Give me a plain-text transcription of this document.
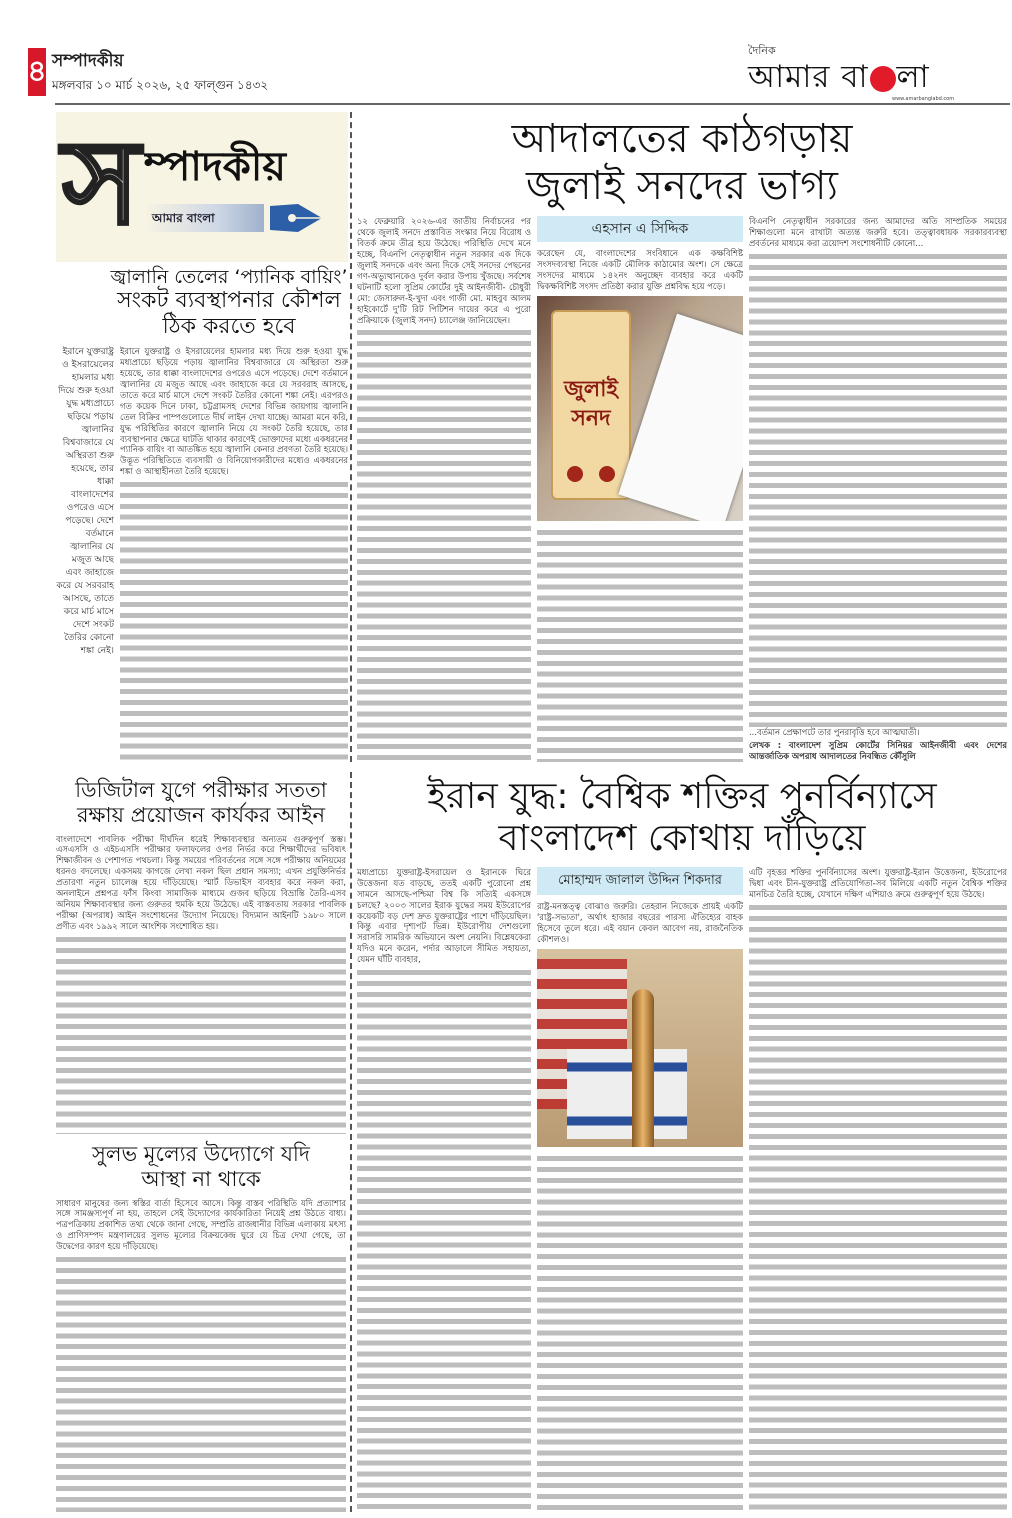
৪ সম্পাদকীয়
মঙ্গলবার ১০ মার্চ ২০২৬, ২৫ ফাল্গুন ১৪৩২
দৈনিক
আমার বা লা
www.amarbanglabd.com
স ম্পাদকীয়
আমার বাংলা
জ্বালানি তেলের ‘প্যানিক বায়িং’
সংকট ব্যবস্থাপনার কৌশল ঠিক করতে হবে
ইরানে যুক্তরাষ্ট্র ও ইসরায়েলের হামলার মধ্য দিয়ে শুরু হওয়া যুদ্ধ মধ্যপ্রাচ্যে ছড়িয়ে পড়ায় জ্বালানির বিশ্ববাজারে যে অস্থিরতা শুরু হয়েছে, তার ধাক্কা বাংলাদেশের ওপরেও এসে পড়েছে। দেশে বর্তমানে জ্বালানির যে মজুত আছে এবং জাহাজে করে যে সরবরাহ আসছে, তাতে করে মার্চ মাসে দেশে সংকট তৈরির কোনো শঙ্কা নেই।

ইরানে যুক্তরাষ্ট্র ও ইসরায়েলের হামলার মধ্য দিয়ে শুরু হওয়া যুদ্ধ মধ্যপ্রাচ্যে ছড়িয়ে পড়ায় জ্বালানির বিশ্ববাজারে যে অস্থিরতা শুরু হয়েছে, তার ধাক্কা বাংলাদেশের ওপরেও এসে পড়েছে। দেশে বর্তমানে জ্বালানির যে মজুত আছে এবং জাহাজে করে যে সরবরাহ আসছে, তাতে করে মার্চ মাসে দেশে সংকট তৈরির কোনো শঙ্কা নেই। এরপরও গত কয়েক দিনে ঢাকা, চট্টগ্রামসহ দেশের বিভিন্ন জায়গায় জ্বালানি তেল বিক্রির পাম্পগুলোতে দীর্ঘ লাইন দেখা যাচ্ছে। আমরা মনে করি, যুদ্ধ পরিস্থিতির কারণে জ্বালানি নিয়ে যে সংকট তৈরি হয়েছে, তার ব্যবস্থাপনার ক্ষেত্রে ঘাটতি থাকার কারণেই ভোক্তাদের মধ্যে একধরনের প্যানিক বায়িং বা আতঙ্কিত হয়ে জ্বালানি কেনার প্রবণতা তৈরি হয়েছে। উদ্ভূত পরিস্থিতিতে ব্যবসায়ী ও বিনিয়োগকারীদের মধ্যেও একধরনের শঙ্কা ও আস্থাহীনতা তৈরি হয়েছে।

আদালতের কাঠগড়ায়
জুলাই সনদের ভাগ্য

১২ ফেব্রুয়ারি ২০২৬-এর জাতীয় নির্বাচনের পর থেকে জুলাই সনদে প্রস্তাবিত সংস্কার নিয়ে বিরোধ ও বিতর্ক ক্রমে তীব্র হয়ে উঠেছে। পরিস্থিতি দেখে মনে হচ্ছে, বিএনপি নেতৃত্বাধীন নতুন সরকার এক দিকে জুলাই সনদকে এবং অন্য দিকে সেই সনদের পেছনের গণ-অভ্যুত্থানকেও দুর্বল করার উপায় খুঁজছে। সর্বশেষ ঘটনাটি হলো সুপ্রিম কোর্টের দুই আইনজীবী- চৌধুরী মো: জেসারুল-ই-খুদা এবং গাজী মো. মাহবুব আলম হাইকোর্টে দু'টি রিট পিটিশন দায়ের করে এ পুরো প্রক্রিয়াকে (জুলাই সনদ) চ্যালেঞ্জ জানিয়েছেন।

এহসান এ সিদ্দিক

করেছেন যে, বাংলাদেশের সংবিধানে এক কক্ষবিশিষ্ট সংসদব্যবস্থা নিজে একটি মৌলিক কাঠামোর অংশ। সে ক্ষেত্রে সংসদের মাধ্যমে ১৪২নং অনুচ্ছেদ ব্যবহার করে একটি দ্বিকক্ষবিশিষ্ট সংসদ প্রতিষ্ঠা করার যুক্তি প্রশ্নবিদ্ধ হয়ে পড়ে।

জুলাই সনদ

বিএনপি নেতৃত্বাধীন সরকারের জন্য আমাদের অতি সাম্প্রতিক সময়ের শিক্ষাগুলো মনে রাখাটা অত্যন্ত জরুরি হবে। তত্ত্বাবধায়ক সরকারব্যবস্থা প্রবর্তনের মাধ্যমে করা ত্রয়োদশ সংশোধনীটি কোনো...

...বর্তমান প্রেক্ষাপটে তার পুনরাবৃত্তি হবে আত্মঘাতী।

লেখক : বাংলাদেশ সুপ্রিম কোর্টের সিনিয়র আইনজীবী এবং দেশের আন্তর্জাতিক অপরাধ আদালতের নিবন্ধিত কৌঁসুলি

ডিজিটাল যুগে পরীক্ষার সততা
রক্ষায় প্রয়োজন কার্যকর আইন

বাংলাদেশে পাবলিক পরীক্ষা দীর্ঘদিন ধরেই শিক্ষাব্যবস্থার অন্যতম গুরুত্বপূর্ণ স্তম্ভ। এসএসসি ও এইচএসসি পরীক্ষার ফলাফলের ওপর নির্ভর করে শিক্ষার্থীদের ভবিষ্যৎ শিক্ষাজীবন ও পেশাগত পথচলা। কিন্তু সময়ের পরিবর্তনের সঙ্গে সঙ্গে পরীক্ষায় অনিয়মের ধরনও বদলেছে। একসময় কাগজে লেখা নকল ছিল প্রধান সমস্যা; এখন প্রযুক্তিনির্ভর প্রতারণা নতুন চ্যালেঞ্জ হয়ে দাঁড়িয়েছে। স্মার্ট ডিভাইস ব্যবহার করে নকল করা, অনলাইনে প্রশ্নপত্র ফাঁস কিংবা সামাজিক মাধ্যমে গুজব ছড়িয়ে বিভ্রান্তি তৈরি-এসব অনিয়ম শিক্ষাব্যবস্থার জন্য গুরুতর হুমকি হয়ে উঠেছে। এই বাস্তবতায় সরকার পাবলিক পরীক্ষা (অপরাধ) আইন সংশোধনের উদ্যোগ নিয়েছে। বিদ্যমান আইনটি ১৯৮০ সালে প্রণীত এবং ১৯৯২ সালে আংশিক সংশোধিত হয়।

সুলভ মূল্যের উদ্যোগে যদি
আস্থা না থাকে

সাধারণ মানুষের জন্য স্বস্তির বার্তা হিসেবে আসে। কিন্তু বাস্তব পরিস্থিতি যদি প্রত্যাশার সঙ্গে সামঞ্জস্যপূর্ণ না হয়, তাহলে সেই উদ্যোগের কার্যকারিতা নিয়েই প্রশ্ন উঠতে বাধ্য। পত্রপত্রিকায় প্রকাশিত তথ্য থেকে জানা গেছে, সম্প্রতি রাজধানীর বিভিন্ন এলাকায় মৎস্য ও প্রাণিসম্পদ মন্ত্রণালয়ের সুলভ মূল্যের বিক্রয়কেন্দ্র ঘুরে যে চিত্র দেখা গেছে, তা উদ্বেগের কারণ হয়ে দাঁড়িয়েছে।

ইরান যুদ্ধ: বৈশ্বিক শক্তির পুনর্বিন্যাসে
বাংলাদেশ কোথায় দাঁড়িয়ে

মধ্যপ্রাচ্যে যুক্তরাষ্ট্র-ইসরায়েল ও ইরানকে ঘিরে উত্তেজনা যত বাড়ছে, ততই একটি পুরোনো প্রশ্ন সামনে আসছে-পশ্চিমা বিশ্ব কি সত্যিই একসঙ্গে চলছে? ২০০৩ সালের ইরাক যুদ্ধের সময় ইউরোপের কয়েকটি বড় দেশ দ্রুত যুক্তরাষ্ট্রের পাশে দাঁড়িয়েছিল। কিন্তু এবার দৃশ্যপট ভিন্ন। ইউরোপীয় দেশগুলো সরাসরি সামরিক অভিযানে অংশ নেয়নি। বিশ্লেষকেরা যদিও মনে করেন, পর্দার আড়ালে সীমিত সহায়তা, যেমন ঘাঁটি ব্যবহার,

মোহাম্মদ জালাল উদ্দিন শিকদার

রাষ্ট্র-মনস্তত্ত্ব বোঝাও জরুরি। তেহরান নিজেকে প্রায়ই একটি 'রাষ্ট্র-সভ্যতা', অর্থাৎ হাজার বছরের পারস্য ঐতিহ্যের বাহক হিসেবে তুলে ধরে। এই বয়ান কেবল আবেগ নয়, রাজনৈতিক কৌশলও।

এটি বৃহত্তর শক্তির পুনর্বিন্যাসের অংশ। যুক্তরাষ্ট্র-ইরান উত্তেজনা, ইউরোপের দ্বিধা এবং চীন-যুক্তরাষ্ট্র প্রতিযোগিতা-সব মিলিয়ে একটি নতুন বৈশ্বিক শক্তির মানচিত্র তৈরি হচ্ছে, যেখানে দক্ষিণ এশিয়াও ক্রমে গুরুত্বপূর্ণ হয়ে উঠছে।
